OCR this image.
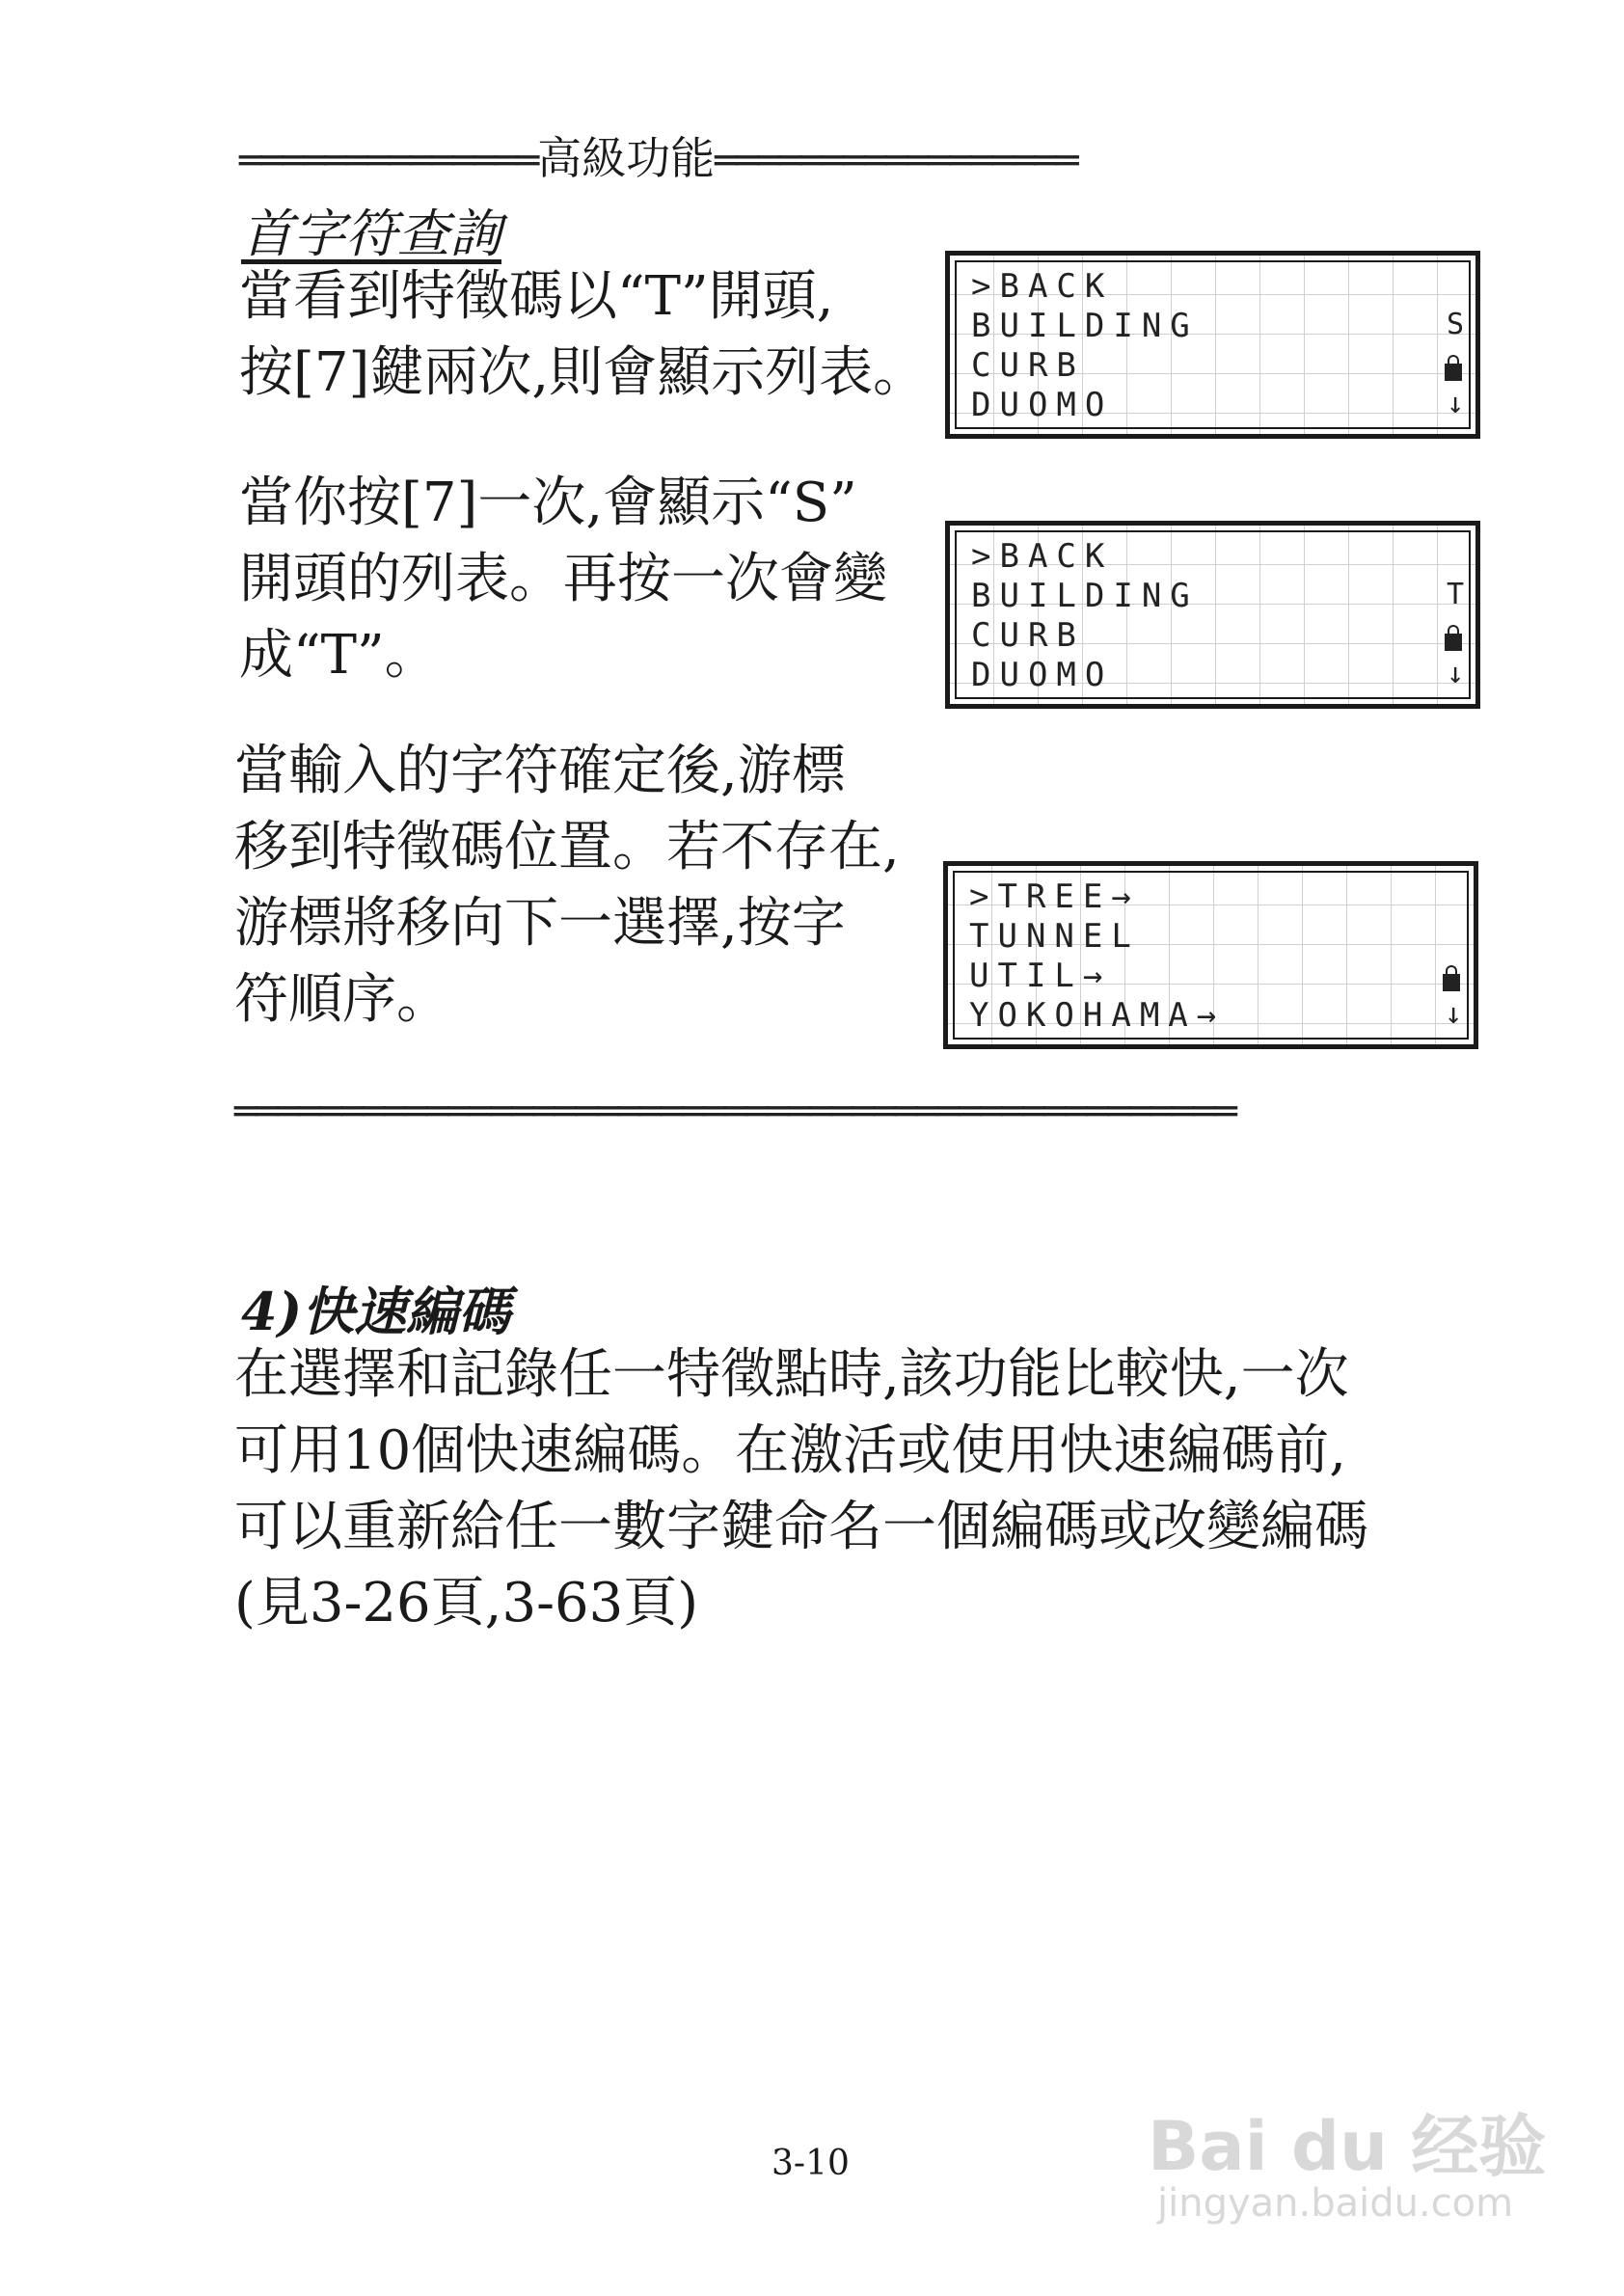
══════════════高級功能═════════════════
首字符查詢
當看到特徵碼以“T”開頭,
按[7]鍵兩次,則會顯示列表。
>BACK
BUILDING
CURB
DUOMO
S
↓
當你按[7]一次,會顯示“S”
開頭的列表。再按一次會變
成“T”。
>BACK
BUILDING
CURB
DUOMO
T
↓
當輸入的字符確定後,游標
移到特徵碼位置。若不存在,
游標將移向下一選擇,按字
符順序。
>TREE→
TUNNEL
UTIL→
YOKOHAMA→	↓
═══════════════════════════════════════════════
4)快速編碼
在選擇和記錄任一特徵點時,該功能比較快,一次
可用10個快速編碼。在激活或使用快速編碼前,
可以重新給任一數字鍵命名一個編碼或改變編碼
(見3-26頁,3-63頁)
3-10	Bai du 经验
jingyan.baidu.com
